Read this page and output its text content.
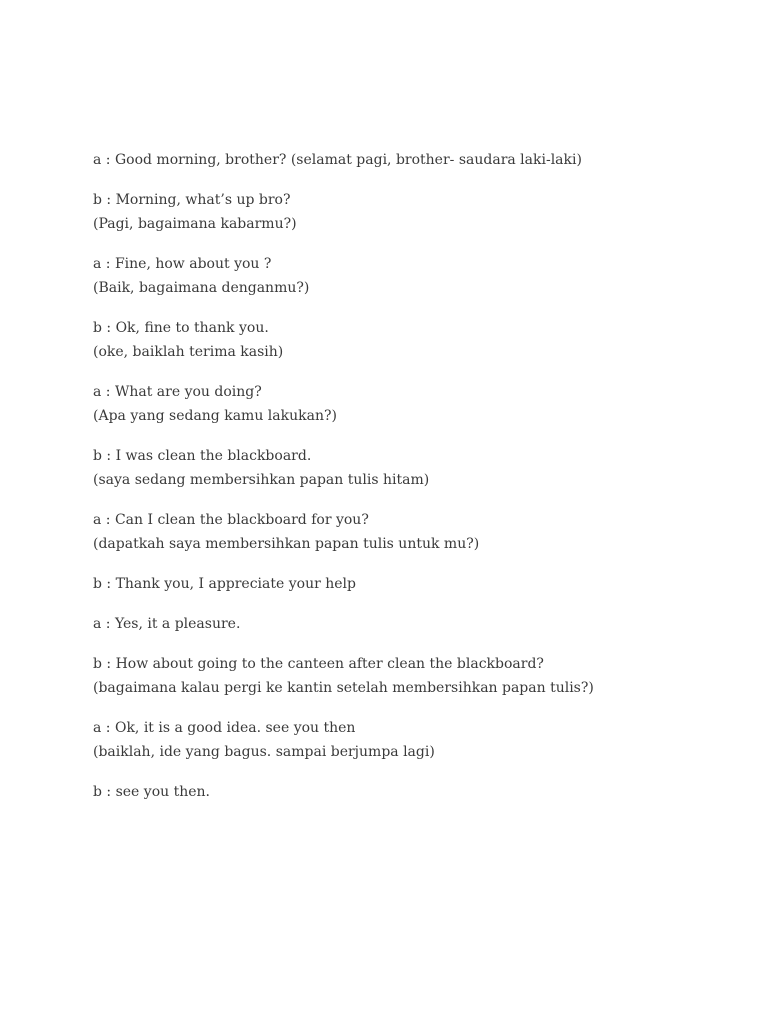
a : Good morning, brother? (selamat pagi, brother- saudara laki-laki)
b : Morning, what’s up bro?
(Pagi, bagaimana kabarmu?)
a : Fine, how about you ?
(Baik, bagaimana denganmu?)
b : Ok, fine to thank you.
(oke, baiklah terima kasih)
a : What are you doing?
(Apa yang sedang kamu lakukan?)
b : I was clean the blackboard.
(saya sedang membersihkan papan tulis hitam)
a : Can I clean the blackboard for you?
(dapatkah saya membersihkan papan tulis untuk mu?)
b : Thank you, I appreciate your help
a : Yes, it a pleasure.
b : How about going to the canteen after clean the blackboard?
(bagaimana kalau pergi ke kantin setelah membersihkan papan tulis?)
a : Ok, it is a good idea. see you then
(baiklah, ide yang bagus. sampai berjumpa lagi)
b : see you then.
